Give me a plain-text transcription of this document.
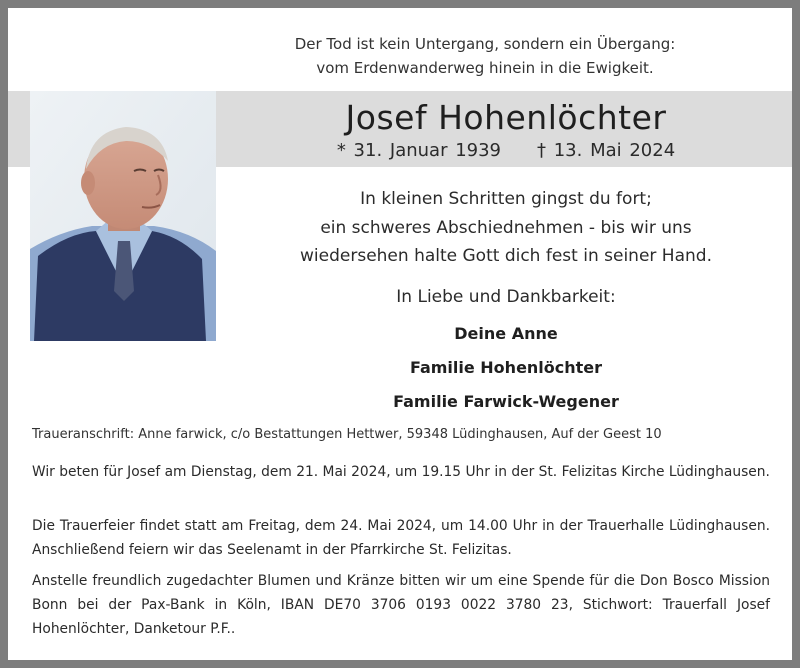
Der Tod ist kein Untergang, sondern ein Übergang:
vom Erdenwanderweg hinein in die Ewigkeit.
Josef Hohenlöchter
* 31. Januar 1939 † 13. Mai 2024
In kleinen Schritten gingst du fort;
ein schweres Abschiednehmen - bis wir uns
wiedersehen halte Gott dich fest in seiner Hand.
In Liebe und Dankbarkeit:
Deine Anne
Familie Hohenlöchter
Familie Farwick-Wegener
Traueranschrift: Anne farwick, c/o Bestattungen Hettwer, 59348 Lüdinghausen, Auf der Geest 10
Wir beten für Josef am Dienstag, dem 21. Mai 2024, um 19.15 Uhr in der St. Felizitas Kirche Lüdinghausen.
Die Trauerfeier findet statt am Freitag, dem 24. Mai 2024, um 14.00 Uhr in der Trauerhalle Lüdinghausen. Anschließend feiern wir das Seelenamt in der Pfarrkirche St. Felizitas.
Anstelle freundlich zugedachter Blumen und Kränze bitten wir um eine Spende für die Don Bosco Mission Bonn bei der Pax-Bank in Köln, IBAN DE70 3706 0193 0022 3780 23, Stichwort: Trauerfall Josef Hohenlöchter, Danketour P.F..
